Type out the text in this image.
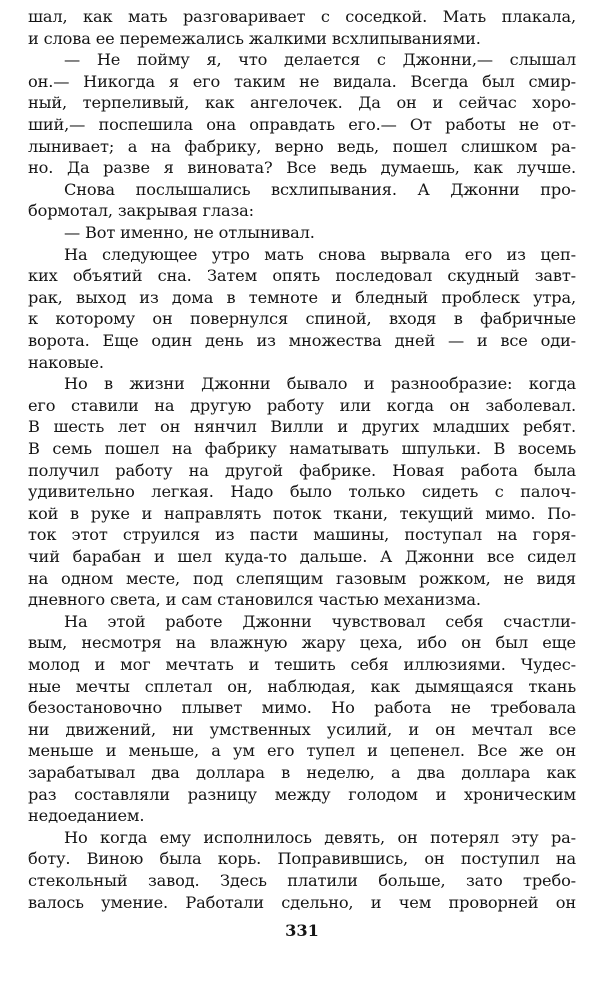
шал, как мать разговаривает с соседкой. Мать плакала,
и слова ее перемежались жалкими всхлипываниями.
— Не пойму я, что делается с Джонни,— слышал
он.— Никогда я его таким не видала. Всегда был смир-
ный, терпеливый, как ангелочек. Да он и сейчас хоро-
ший,— поспешила она оправдать его.— От работы не от-
лынивает; а на фабрику, верно ведь, пошел слишком ра-
но. Да разве я виновата? Все ведь думаешь, как лучше.
Снова послышались всхлипывания. А Джонни про-
бормотал, закрывая глаза:
— Вот именно, не отлынивал.
На следующее утро мать снова вырвала его из цеп-
ких объятий сна. Затем опять последовал скудный завт-
рак, выход из дома в темноте и бледный проблеск утра,
к которому он повернулся спиной, входя в фабричные
ворота. Еще один день из множества дней — и все оди-
наковые.
Но в жизни Джонни бывало и разнообразие: когда
его ставили на другую работу или когда он заболевал.
В шесть лет он нянчил Вилли и других младших ребят.
В семь пошел на фабрику наматывать шпульки. В восемь
получил работу на другой фабрике. Новая работа была
удивительно легкая. Надо было только сидеть с палоч-
кой в руке и направлять поток ткани, текущий мимо. По-
ток этот струился из пасти машины, поступал на горя-
чий барабан и шел куда-то дальше. А Джонни все сидел
на одном месте, под слепящим газовым рожком, не видя
дневного света, и сам становился частью механизма.
На этой работе Джонни чувствовал себя счастли-
вым, несмотря на влажную жару цеха, ибо он был еще
молод и мог мечтать и тешить себя иллюзиями. Чудес-
ные мечты сплетал он, наблюдая, как дымящаяся ткань
безостановочно плывет мимо. Но работа не требовала
ни движений, ни умственных усилий, и он мечтал все
меньше и меньше, а ум его тупел и цепенел. Все же он
зарабатывал два доллара в неделю, а два доллара как
раз составляли разницу между голодом и хроническим
недоеданием.
Но когда ему исполнилось девять, он потерял эту ра-
боту. Виною была корь. Поправившись, он поступил на
стекольный завод. Здесь платили больше, зато требо-
валось умение. Работали сдельно, и чем проворней он
331
